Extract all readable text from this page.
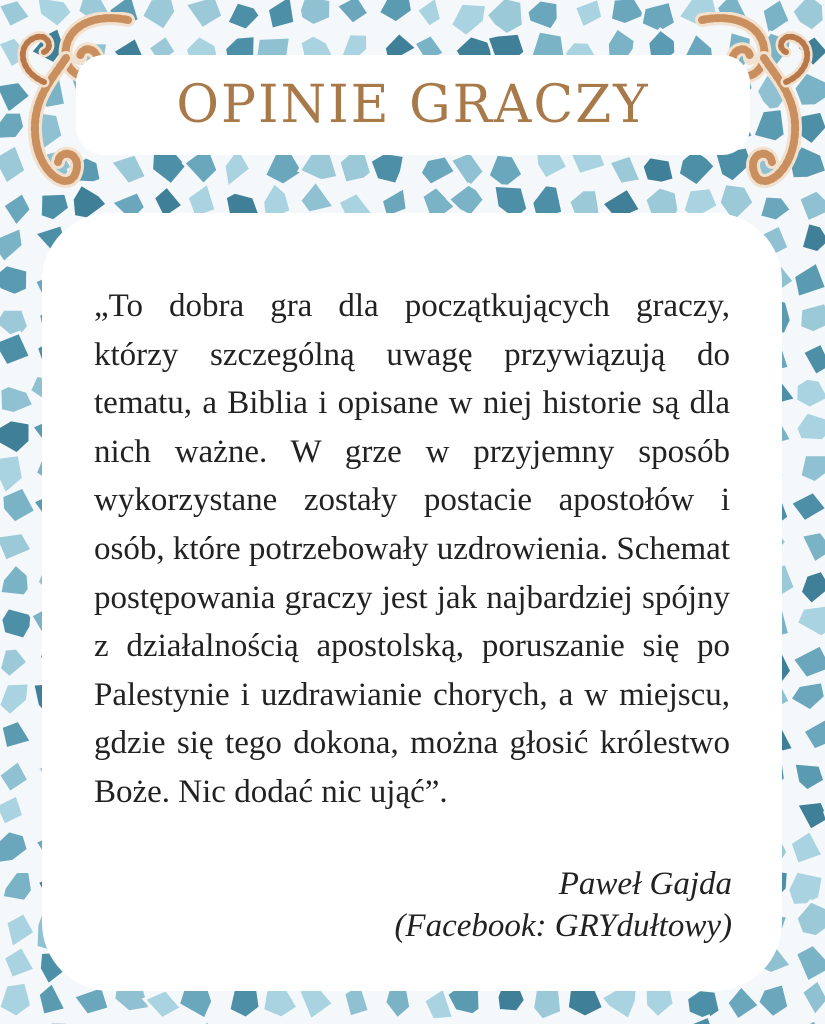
OPINIE GRACZY

„To dobra gra dla początkujących graczy, którzy szczególną uwagę przywiązują do tematu, a Biblia i opisane w niej historie są dla nich ważne. W grze w przyjemny sposób wykorzystane zostały postacie apostołów i osób, które potrzebowały uzdrowienia. Schemat postępowania graczy jest jak najbardziej spójny z działalnością apostolską, poruszanie się po Palestynie i uzdrawianie chorych, a w miejscu, gdzie się tego dokona, można głosić królestwo Boże. Nic dodać nic ująć”.

Paweł Gajda
(Facebook: GRYdułtowy)
